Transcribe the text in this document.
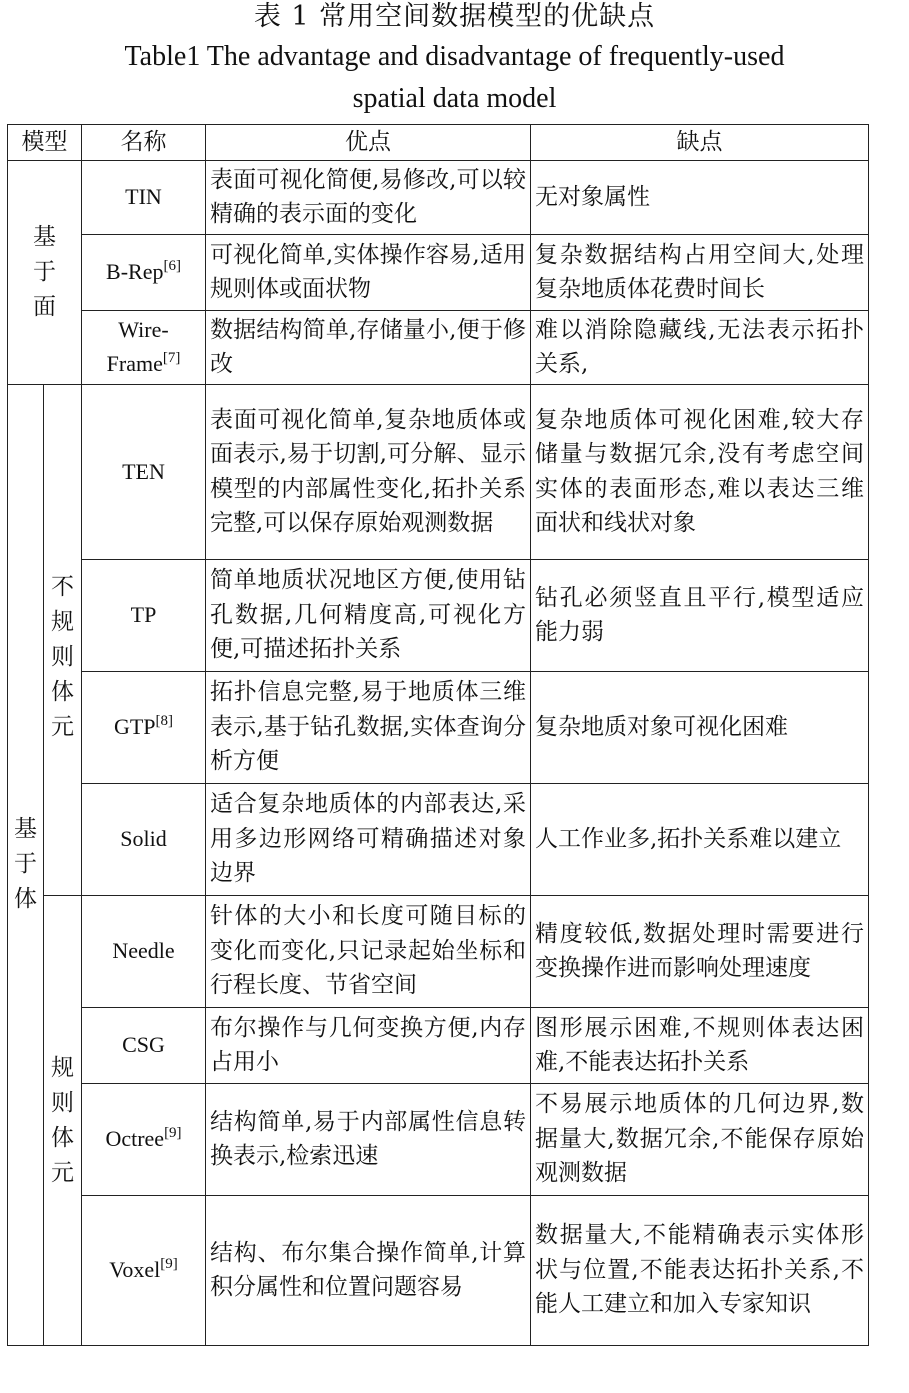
表 1 常用空间数据模型的优缺点
Table1 The advantage and disadvantage of frequently-used
spatial data model
模型		名称	优点	缺点

基
于
面		TIN	表面可视化简便,易修改,可以较精确的表示面的变化	无对象属性
		B-Rep[6]	可视化简单,实体操作容易,适用规则体或面状物	复杂数据结构占用空间大,处理复杂地质体花费时间长
		Wire-Frame[7]	数据结构简单,存储量小,便于修改	难以消除隐藏线,无法表示拓扑关系,

基
于
体	不
规
则
体
元	TEN	表面可视化简单,复杂地质体或面表示,易于切割,可分解、显示模型的内部属性变化,拓扑关系完整,可以保存原始观测数据	复杂地质体可视化困难,较大存储量与数据冗余,没有考虑空间实体的表面形态,难以表达三维面状和线状对象
		TP	简单地质状况地区方便,使用钻孔数据,几何精度高,可视化方便,可描述拓扑关系	钻孔必须竖直且平行,模型适应能力弱
		GTP[8]	拓扑信息完整,易于地质体三维表示,基于钻孔数据,实体查询分析方便	复杂地质对象可视化困难
		Solid	适合复杂地质体的内部表达,采用多边形网络可精确描述对象边界	人工作业多,拓扑关系难以建立

	规
则
体
元	Needle	针体的大小和长度可随目标的变化而变化,只记录起始坐标和行程长度、节省空间	精度较低,数据处理时需要进行变换操作进而影响处理速度
		CSG	布尔操作与几何变换方便,内存占用小	图形展示困难,不规则体表达困难,不能表达拓扑关系
		Octree[9]	结构简单,易于内部属性信息转换表示,检索迅速	不易展示地质体的几何边界,数据量大,数据冗余,不能保存原始观测数据
		Voxel[9]	结构、布尔集合操作简单,计算积分属性和位置问题容易	数据量大,不能精确表示实体形状与位置,不能表达拓扑关系,不能人工建立和加入专家知识
